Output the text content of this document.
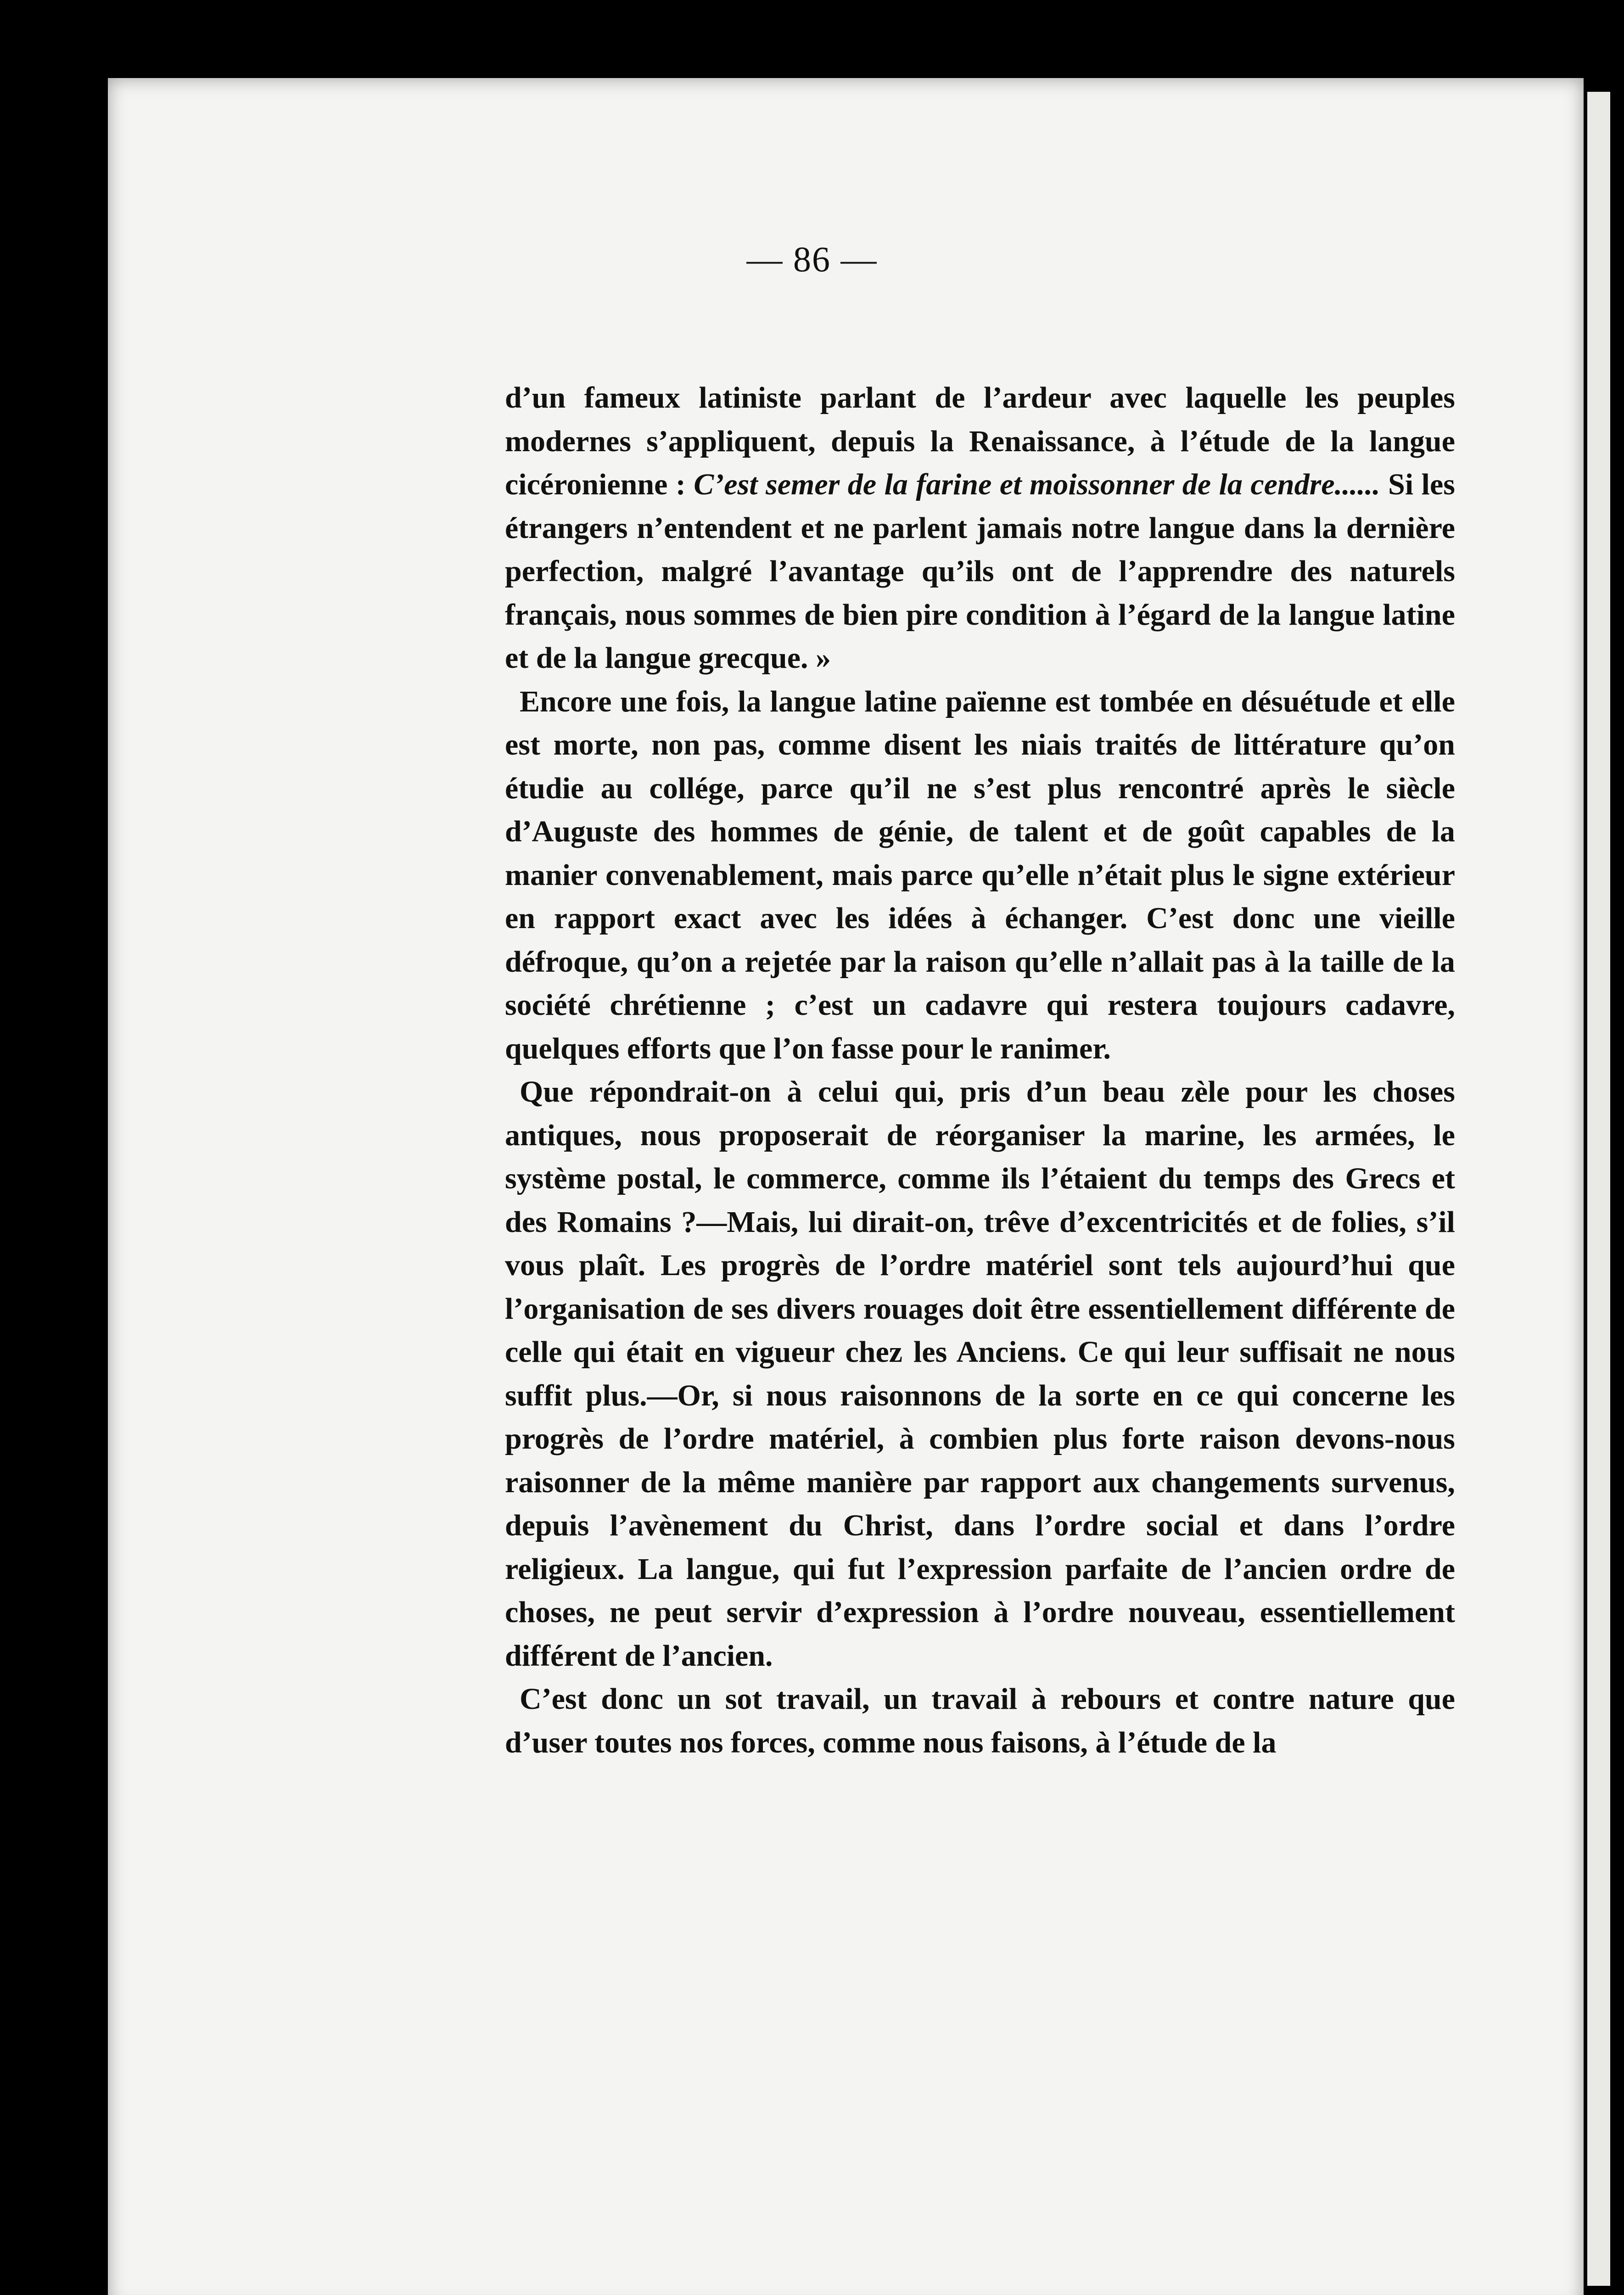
— 86 —

d’un fameux latiniste parlant de l’ardeur avec laquelle les peuples modernes s’appliquent, depuis la Renaissance, à l’étude de la langue cicéronienne : C’est semer de la farine et moissonner de la cendre...... Si les étrangers n’entendent et ne parlent jamais notre langue dans la dernière perfection, malgré l’avantage qu’ils ont de l’apprendre des naturels français, nous sommes de bien pire condition à l’égard de la langue latine et de la langue grecque. »

Encore une fois, la langue latine païenne est tombée en désuétude et elle est morte, non pas, comme disent les niais traités de littérature qu’on étudie au collége, parce qu’il ne s’est plus rencontré après le siècle d’Auguste des hommes de génie, de talent et de goût capables de la manier convenablement, mais parce qu’elle n’était plus le signe extérieur en rapport exact avec les idées à échanger. C’est donc une vieille défroque, qu’on a rejetée par la raison qu’elle n’allait pas à la taille de la société chrétienne ; c’est un cadavre qui restera toujours cadavre, quelques efforts que l’on fasse pour le ranimer.

Que répondrait-on à celui qui, pris d’un beau zèle pour les choses antiques, nous proposerait de réorganiser la marine, les armées, le système postal, le commerce, comme ils l’étaient du temps des Grecs et des Romains ?—Mais, lui dirait-on, trêve d’excentricités et de folies, s’il vous plaît. Les progrès de l’ordre matériel sont tels aujourd’hui que l’organisation de ses divers rouages doit être essentiellement différente de celle qui était en vigueur chez les Anciens. Ce qui leur suffisait ne nous suffit plus.—Or, si nous raisonnons de la sorte en ce qui concerne les progrès de l’ordre matériel, à combien plus forte raison devons-nous raisonner de la même manière par rapport aux changements survenus, depuis l’avènement du Christ, dans l’ordre social et dans l’ordre religieux. La langue, qui fut l’expression parfaite de l’ancien ordre de choses, ne peut servir d’expression à l’ordre nouveau, essentiellement différent de l’ancien.

C’est donc un sot travail, un travail à rebours et contre nature que d’user toutes nos forces, comme nous faisons, à l’étude de la
